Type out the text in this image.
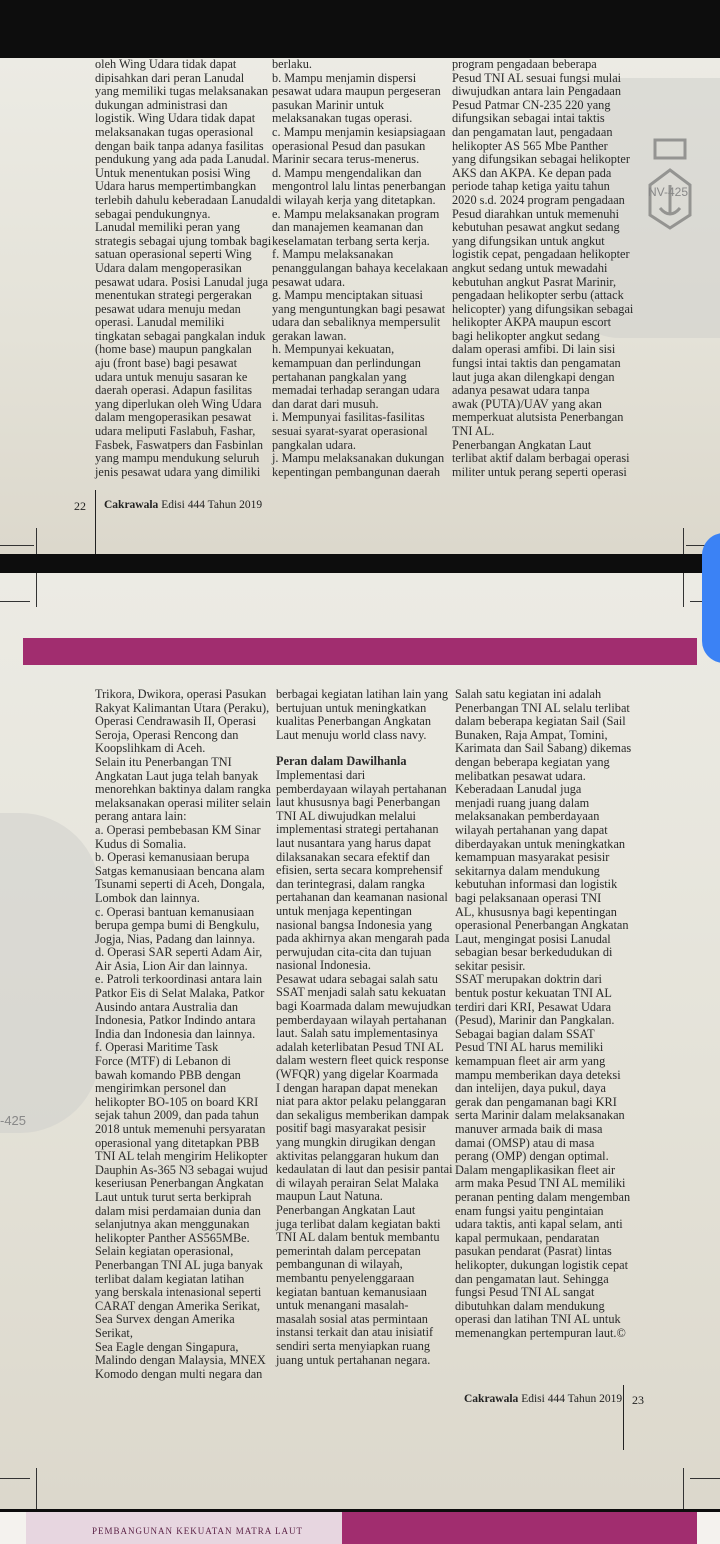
NV-425

oleh Wing Udara tidak dapat
dipisahkan dari peran Lanudal
yang memiliki tugas melaksanakan
dukungan administrasi dan
logistik. Wing Udara tidak dapat
melaksanakan tugas operasional
dengan baik tanpa adanya fasilitas
pendukung yang ada pada Lanudal.
Untuk menentukan posisi Wing
Udara harus mempertimbangkan
terlebih dahulu keberadaan Lanudal
sebagai pendukungnya.
Lanudal memiliki peran yang
strategis sebagai ujung tombak bagi
satuan operasional seperti Wing
Udara dalam mengoperasikan
pesawat udara. Posisi Lanudal juga
menentukan strategi pergerakan
pesawat udara menuju medan
operasi. Lanudal memiliki
tingkatan sebagai pangkalan induk
(home base) maupun pangkalan
aju (front base) bagi pesawat
udara untuk menuju sasaran ke
daerah operasi. Adapun fasilitas
yang diperlukan oleh Wing Udara
dalam mengoperasikan pesawat
udara meliputi Faslabuh, Fashar,
Fasbek, Faswatpers dan Fasbinlan
yang mampu mendukung seluruh
jenis pesawat udara yang dimiliki

berlaku.
b. Mampu menjamin dispersi
pesawat udara maupun pergeseran
pasukan Marinir untuk
melaksanakan tugas operasi.
c. Mampu menjamin kesiapsiagaan
operasional Pesud dan pasukan
Marinir secara terus-menerus.
d. Mampu mengendalikan dan
mengontrol lalu lintas penerbangan
di wilayah kerja yang ditetapkan.
e. Mampu melaksanakan program
dan manajemen keamanan dan
keselamatan terbang serta kerja.
f. Mampu melaksanakan
penanggulangan bahaya kecelakaan
pesawat udara.
g. Mampu menciptakan situasi
yang menguntungkan bagi pesawat
udara dan sebaliknya mempersulit
gerakan lawan.
h. Mempunyai kekuatan,
kemampuan dan perlindungan
pertahanan pangkalan yang
memadai terhadap serangan udara
dan darat dari musuh.
i. Mempunyai fasilitas-fasilitas
sesuai syarat-syarat operasional
pangkalan udara.
j. Mampu melaksanakan dukungan
kepentingan pembangunan daerah

program pengadaan beberapa
Pesud TNI AL sesuai fungsi mulai
diwujudkan antara lain Pengadaan
Pesud Patmar CN-235 220 yang
difungsikan sebagai intai taktis
dan pengamatan laut, pengadaan
helikopter AS 565 Mbe Panther
yang difungsikan sebagai helikopter
AKS dan AKPA. Ke depan pada
periode tahap ketiga yaitu tahun
2020 s.d. 2024 program pengadaan
Pesud diarahkan untuk memenuhi
kebutuhan pesawat angkut sedang
yang difungsikan untuk angkut
logistik cepat, pengadaan helikopter
angkut sedang untuk mewadahi
kebutuhan angkut Pasrat Marinir,
pengadaan helikopter serbu (attack
helicopter) yang difungsikan sebagai
helikopter AKPA maupun escort
bagi helikopter angkut sedang
dalam operasi amfibi. Di lain sisi
fungsi intai taktis dan pengamatan
laut juga akan dilengkapi dengan
adanya pesawat udara tanpa
awak (PUTA)/UAV yang akan
memperkuat alutsista Penerbangan
TNI AL.
Penerbangan Angkatan Laut
terlibat aktif dalam berbagai operasi
militer untuk perang seperti operasi

22 Cakrawala Edisi 444 Tahun 2019
-425

Trikora, Dwikora, operasi Pasukan
Rakyat Kalimantan Utara (Peraku),
Operasi Cendrawasih II, Operasi
Seroja, Operasi Rencong dan
Koopslihkam di Aceh.
Selain itu Penerbangan TNI
Angkatan Laut juga telah banyak
menorehkan baktinya dalam rangka
melaksanakan operasi militer selain
perang antara lain:
a. Operasi pembebasan KM Sinar
Kudus di Somalia.
b. Operasi kemanusiaan berupa
Satgas kemanusiaan bencana alam
Tsunami seperti di Aceh, Dongala,
Lombok dan lainnya.
c. Operasi bantuan kemanusiaan
berupa gempa bumi di Bengkulu,
Jogja, Nias, Padang dan lainnya.
d. Operasi SAR seperti Adam Air,
Air Asia, Lion Air dan lainnya.
e. Patroli terkoordinasi antara lain
Patkor Eis di Selat Malaka, Patkor
Ausindo antara Australia dan
Indonesia, Patkor Indindo antara
India dan Indonesia dan lainnya.
f. Operasi Maritime Task
Force (MTF) di Lebanon di
bawah komando PBB dengan
mengirimkan personel dan
helikopter BO-105 on board KRI
sejak tahun 2009, dan pada tahun
2018 untuk memenuhi persyaratan
operasional yang ditetapkan PBB
TNI AL telah mengirim Helikopter
Dauphin As-365 N3 sebagai wujud
keseriusan Penerbangan Angkatan
Laut untuk turut serta berkiprah
dalam misi perdamaian dunia dan
selanjutnya akan menggunakan
helikopter Panther AS565MBe.
Selain kegiatan operasional,
Penerbangan TNI AL juga banyak
terlibat dalam kegiatan latihan
yang berskala intenasional seperti
CARAT dengan Amerika Serikat,
Sea Survex dengan Amerika Serikat,
Sea Eagle dengan Singapura,
Malindo dengan Malaysia, MNEX
Komodo dengan multi negara dan

berbagai kegiatan latihan lain yang
bertujuan untuk meningkatkan
kualitas Penerbangan Angkatan
Laut menuju world class navy.

Peran dalam Dawilhanla

Implementasi dari
pemberdayaan wilayah pertahanan
laut khususnya bagi Penerbangan
TNI AL diwujudkan melalui
implementasi strategi pertahanan
laut nusantara yang harus dapat
dilaksanakan secara efektif dan
efisien, serta secara komprehensif
dan terintegrasi, dalam rangka
pertahanan dan keamanan nasional
untuk menjaga kepentingan
nasional bangsa Indonesia yang
pada akhirnya akan mengarah pada
perwujudan cita-cita dan tujuan
nasional Indonesia.
Pesawat udara sebagai salah satu
SSAT menjadi salah satu kekuatan
bagi Koarmada dalam mewujudkan
pemberdayaan wilayah pertahanan
laut. Salah satu implementasinya
adalah keterlibatan Pesud TNI AL
dalam western fleet quick response
(WFQR) yang digelar Koarmada
I dengan harapan dapat menekan
niat para aktor pelaku pelanggaran
dan sekaligus memberikan dampak
positif bagi masyarakat pesisir
yang mungkin dirugikan dengan
aktivitas pelanggaran hukum dan
kedaulatan di laut dan pesisir pantai
di wilayah perairan Selat Malaka
maupun Laut Natuna.
Penerbangan Angkatan Laut
juga terlibat dalam kegiatan bakti
TNI AL dalam bentuk membantu
pemerintah dalam percepatan
pembangunan di wilayah,
membantu penyelenggaraan
kegiatan bantuan kemanusiaan
untuk menangani masalah-
masalah sosial atas permintaan
instansi terkait dan atau inisiatif
sendiri serta menyiapkan ruang
juang untuk pertahanan negara.

Salah satu kegiatan ini adalah
Penerbangan TNI AL selalu terlibat
dalam beberapa kegiatan Sail (Sail
Bunaken, Raja Ampat, Tomini,
Karimata dan Sail Sabang) dikemas
dengan beberapa kegiatan yang
melibatkan pesawat udara.
Keberadaan Lanudal juga
menjadi ruang juang dalam
melaksanakan pemberdayaan
wilayah pertahanan yang dapat
diberdayakan untuk meningkatkan
kemampuan masyarakat pesisir
sekitarnya dalam mendukung
kebutuhan informasi dan logistik
bagi pelaksanaan operasi TNI
AL, khususnya bagi kepentingan
operasional Penerbangan Angkatan
Laut, mengingat posisi Lanudal
sebagian besar berkedudukan di
sekitar pesisir.
SSAT merupakan doktrin dari
bentuk postur kekuatan TNI AL
terdiri dari KRI, Pesawat Udara
(Pesud), Marinir dan Pangkalan.
Sebagai bagian dalam SSAT
Pesud TNI AL harus memiliki
kemampuan fleet air arm yang
mampu memberikan daya deteksi
dan intelijen, daya pukul, daya
gerak dan pengamanan bagi KRI
serta Marinir dalam melaksanakan
manuver armada baik di masa
damai (OMSP) atau di masa
perang (OMP) dengan optimal.
Dalam mengaplikasikan fleet air
arm maka Pesud TNI AL memiliki
peranan penting dalam mengemban
enam fungsi yaitu pengintaian
udara taktis, anti kapal selam, anti
kapal permukaan, pendaratan
pasukan pendarat (Pasrat) lintas
helikopter, dukungan logistik cepat
dan pengamatan laut. Sehingga
fungsi Pesud TNI AL sangat
dibutuhkan dalam mendukung
operasi dan latihan TNI AL untuk
memenangkan pertempuran laut.©

Cakrawala Edisi 444 Tahun 2019 23
PEMBANGUNAN KEKUATAN MATRA LAUT
